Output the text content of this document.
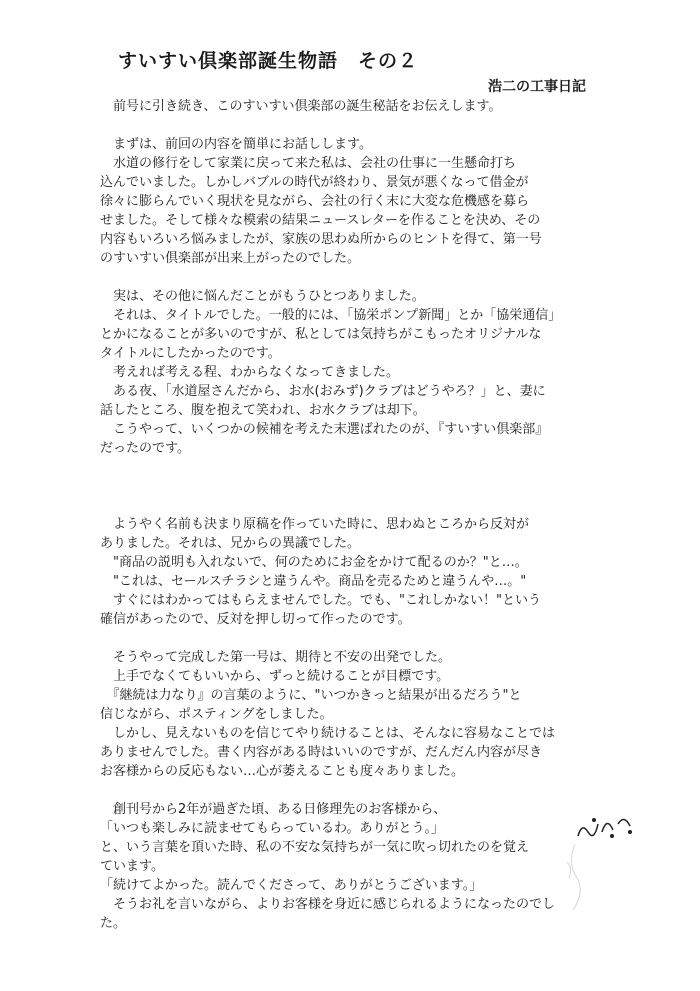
すいすい倶楽部誕生物語　その２
浩二の工事日記
　前号に引き続き、このすいすい倶楽部の誕生秘話をお伝えします。
　まずは、前回の内容を簡単にお話しします。
　水道の修行をして家業に戻って来た私は、会社の仕事に一生懸命打ち
込んでいました。しかしバブルの時代が終わり、景気が悪くなって借金が
徐々に膨らんでいく現状を見ながら、会社の行く末に大変な危機感を募ら
せました。そして様々な模索の結果ニュースレターを作ることを決め、その
内容もいろいろ悩みましたが、家族の思わぬ所からのヒントを得て、第一号
のすいすい倶楽部が出来上がったのでした。
　実は、その他に悩んだことがもうひとつありました。
　それは、タイトルでした。一般的には、「協栄ポンプ新聞」とか「協栄通信」
とかになることが多いのですが、私としては気持ちがこもったオリジナルな
タイトルにしたかったのです。
　考えれば考える程、わからなくなってきました。
　ある夜、「水道屋さんだから、お水(おみず)クラブはどうやろ？」と、妻に
話したところ、腹を抱えて笑われ、お水クラブは却下。
　こうやって、いくつかの候補を考えた末選ばれたのが、『すいすい倶楽部』
だったのです。
　ようやく名前も決まり原稿を作っていた時に、思わぬところから反対が
ありました。それは、兄からの異議でした。
　"商品の説明も入れないで、何のためにお金をかけて配るのか？"と…。
　"これは、セールスチラシと違うんや。商品を売るためと違うんや…。"
　すぐにはわかってはもらえませんでした。でも、"これしかない！"という
確信があったので、反対を押し切って作ったのです。
　そうやって完成した第一号は、期待と不安の出発でした。
　上手でなくてもいいから、ずっと続けることが目標です。
　『継続は力なり』の言葉のように、"いつかきっと結果が出るだろう"と
信じながら、ポスティングをしました。
　しかし、見えないものを信じてやり続けることは、そんなに容易なことでは
ありませんでした。書く内容がある時はいいのですが、だんだん内容が尽き
お客様からの反応もない…心が萎えることも度々ありました。
　創刊号から2年が過ぎた頃、ある日修理先のお客様から、
「いつも楽しみに読ませてもらっているわ。ありがとう。」
と、いう言葉を頂いた時、私の不安な気持ちが一気に吹っ切れたのを覚え
ています。
「続けてよかった。読んでくださって、ありがとうございます。」
　そうお礼を言いながら、よりお客様を身近に感じられるようになったのでし
た。
